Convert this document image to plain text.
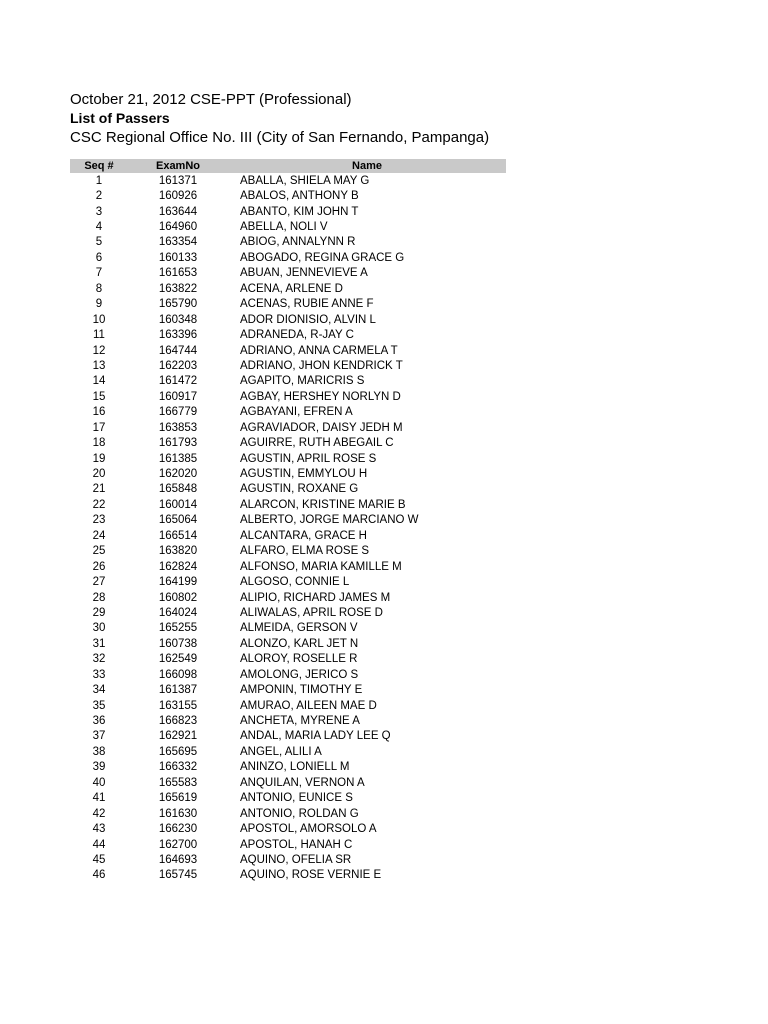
October 21, 2012 CSE-PPT (Professional)
List of Passers
CSC Regional Office No. III (City of San Fernando, Pampanga)
Seq #	ExamNo	Name
1	161371	ABALLA, SHIELA MAY G
2	160926	ABALOS, ANTHONY B
3	163644	ABANTO, KIM JOHN T
4	164960	ABELLA, NOLI V
5	163354	ABIOG, ANNALYNN R
6	160133	ABOGADO, REGINA GRACE G
7	161653	ABUAN, JENNEVIEVE A
8	163822	ACENA, ARLENE D
9	165790	ACENAS, RUBIE ANNE F
10	160348	ADOR DIONISIO, ALVIN L
11	163396	ADRANEDA, R-JAY C
12	164744	ADRIANO, ANNA CARMELA T
13	162203	ADRIANO, JHON KENDRICK T
14	161472	AGAPITO, MARICRIS S
15	160917	AGBAY, HERSHEY NORLYN D
16	166779	AGBAYANI, EFREN A
17	163853	AGRAVIADOR, DAISY JEDH M
18	161793	AGUIRRE, RUTH ABEGAIL C
19	161385	AGUSTIN, APRIL ROSE S
20	162020	AGUSTIN, EMMYLOU H
21	165848	AGUSTIN, ROXANE G
22	160014	ALARCON, KRISTINE MARIE B
23	165064	ALBERTO, JORGE MARCIANO W
24	166514	ALCANTARA, GRACE H
25	163820	ALFARO, ELMA ROSE S
26	162824	ALFONSO, MARIA KAMILLE M
27	164199	ALGOSO, CONNIE L
28	160802	ALIPIO, RICHARD JAMES M
29	164024	ALIWALAS, APRIL ROSE D
30	165255	ALMEIDA, GERSON V
31	160738	ALONZO, KARL JET N
32	162549	ALOROY, ROSELLE R
33	166098	AMOLONG, JERICO S
34	161387	AMPONIN, TIMOTHY E
35	163155	AMURAO, AILEEN MAE D
36	166823	ANCHETA, MYRENE A
37	162921	ANDAL, MARIA LADY LEE Q
38	165695	ANGEL, ALILI A
39	166332	ANINZO, LONIELL M
40	165583	ANQUILAN, VERNON A
41	165619	ANTONIO, EUNICE S
42	161630	ANTONIO, ROLDAN G
43	166230	APOSTOL, AMORSOLO A
44	162700	APOSTOL, HANAH C
45	164693	AQUINO, OFELIA SR
46	165745	AQUINO, ROSE VERNIE E
